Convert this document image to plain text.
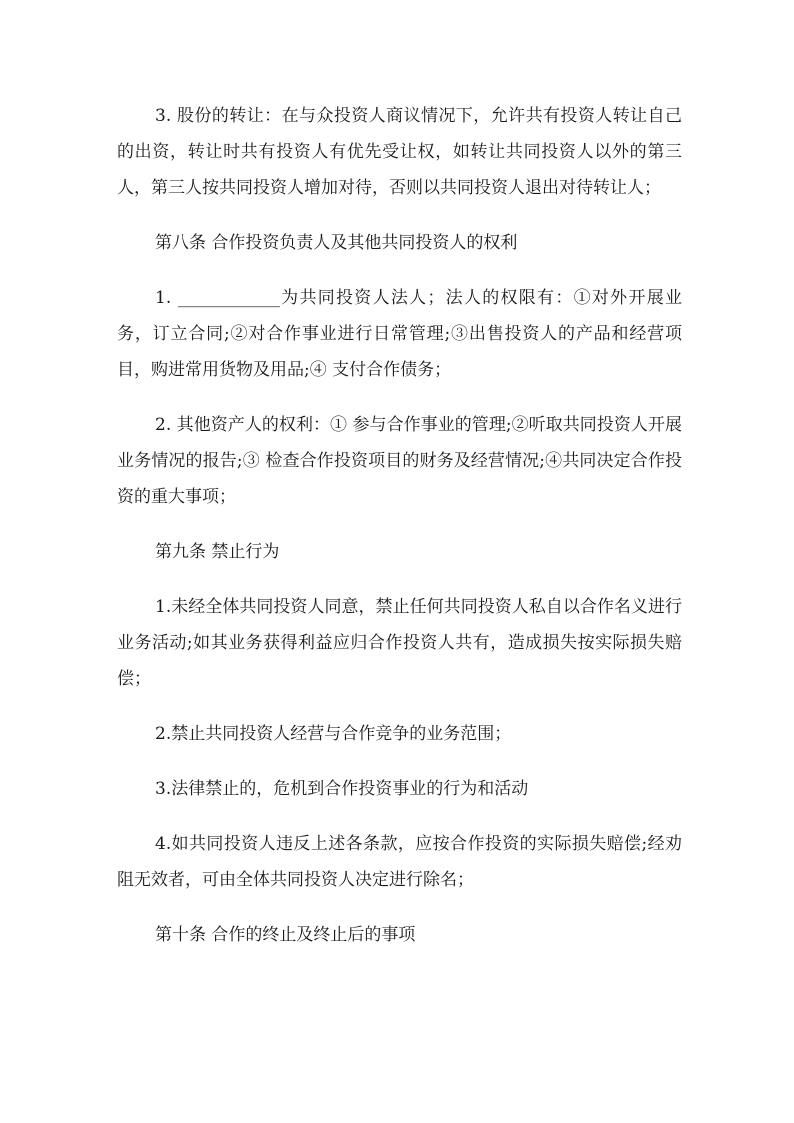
3. 股份的转让：在与众投资人商议情况下，允许共有投资人转让自己的出资，转让时共有投资人有优先受让权，如转让共同投资人以外的第三人，第三人按共同投资人增加对待，否则以共同投资人退出对待转让人；

第八条 合作投资负责人及其他共同投资人的权利

1. ____________为共同投资人法人；法人的权限有：①对外开展业务，订立合同;②对合作事业进行日常管理;③出售投资人的产品和经营项目，购进常用货物及用品;④ 支付合作债务；

2. 其他资产人的权利：① 参与合作事业的管理;②听取共同投资人开展业务情况的报告;③ 检查合作投资项目的财务及经营情况;④共同决定合作投资的重大事项；

第九条 禁止行为

1.未经全体共同投资人同意，禁止任何共同投资人私自以合作名义进行业务活动;如其业务获得利益应归合作投资人共有，造成损失按实际损失赔偿；

2.禁止共同投资人经营与合作竞争的业务范围；

3.法律禁止的，危机到合作投资事业的行为和活动

4.如共同投资人违反上述各条款，应按合作投资的实际损失赔偿;经劝阻无效者，可由全体共同投资人决定进行除名；

第十条 合作的终止及终止后的事项
